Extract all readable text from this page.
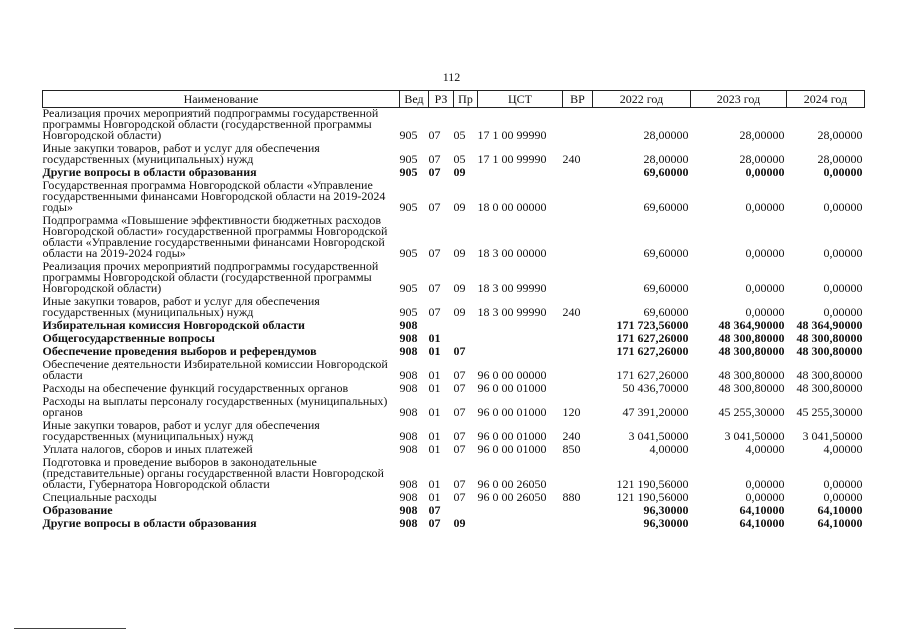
112
Наименование	Вед	РЗ	Пр	ЦСТ	ВР	2022 год	2023 год	2024 год
Реализация прочих мероприятий подпрограммы государственной программы Новгородской области (государственной программы Новгородской области)	905	07	05	17 1 00 99990		28,00000	28,00000	28,00000
Иные закупки товаров, работ и услуг для обеспечения государственных (муниципальных) нужд	905	07	05	17 1 00 99990	240	28,00000	28,00000	28,00000
Другие вопросы в области образования	905	07	09			69,60000	0,00000	0,00000
Государственная программа Новгородской области «Управление государственными финансами Новгородской области на 2019-2024 годы»	905	07	09	18 0 00 00000		69,60000	0,00000	0,00000
Подпрограмма «Повышение эффективности бюджетных расходов Новгородской области» государственной программы Новгородской области «Управление государственными финансами Новгородской области на 2019-2024 годы»	905	07	09	18 3 00 00000		69,60000	0,00000	0,00000
Реализация прочих мероприятий подпрограммы государственной программы Новгородской области (государственной программы Новгородской области)	905	07	09	18 3 00 99990		69,60000	0,00000	0,00000
Иные закупки товаров, работ и услуг для обеспечения государственных (муниципальных) нужд	905	07	09	18 3 00 99990	240	69,60000	0,00000	0,00000
Избирательная комиссия Новгородской области	908					171 723,56000	48 364,90000	48 364,90000
Общегосударственные вопросы	908	01				171 627,26000	48 300,80000	48 300,80000
Обеспечение проведения выборов и референдумов	908	01	07			171 627,26000	48 300,80000	48 300,80000
Обеспечение деятельности Избирательной комиссии Новгородской области	908	01	07	96 0 00 00000		171 627,26000	48 300,80000	48 300,80000
Расходы на обеспечение функций государственных органов	908	01	07	96 0 00 01000		50 436,70000	48 300,80000	48 300,80000
Расходы на выплаты персоналу государственных (муниципальных) органов	908	01	07	96 0 00 01000	120	47 391,20000	45 255,30000	45 255,30000
Иные закупки товаров, работ и услуг для обеспечения государственных (муниципальных) нужд	908	01	07	96 0 00 01000	240	3 041,50000	3 041,50000	3 041,50000
Уплата налогов, сборов и иных платежей	908	01	07	96 0 00 01000	850	4,00000	4,00000	4,00000
Подготовка и проведение выборов в законодательные (представительные) органы государственной власти Новгородской области, Губернатора Новгородской области	908	01	07	96 0 00 26050		121 190,56000	0,00000	0,00000
Специальные расходы	908	01	07	96 0 00 26050	880	121 190,56000	0,00000	0,00000
Образование	908	07				96,30000	64,10000	64,10000
Другие вопросы в области образования	908	07	09			96,30000	64,10000	64,10000
